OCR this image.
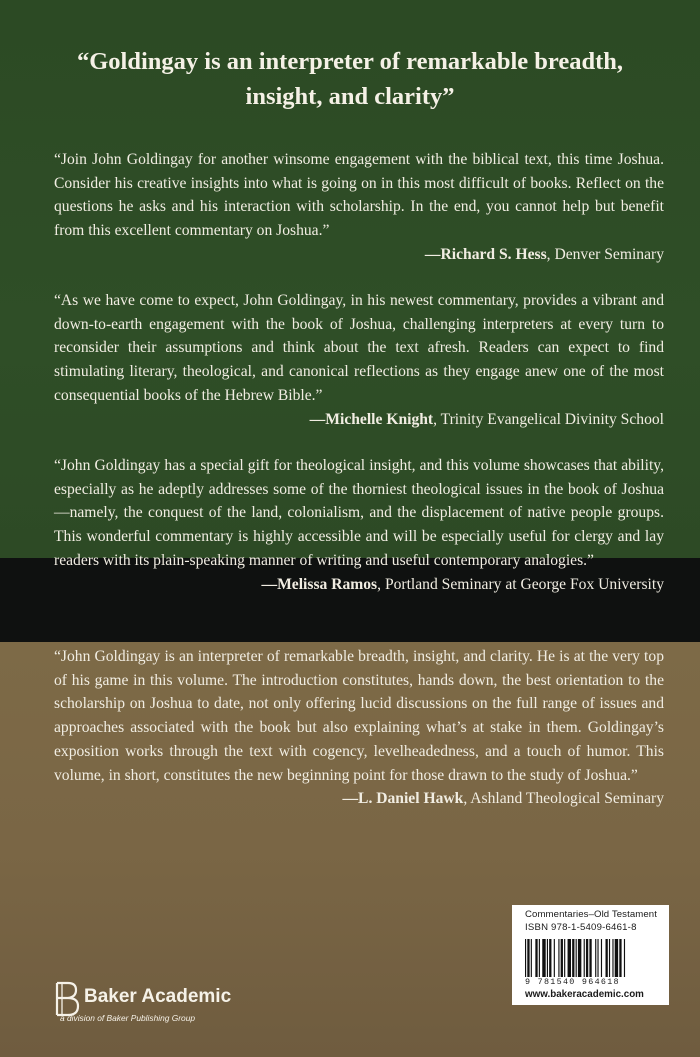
“Goldingay is an interpreter of remarkable breadth,
insight, and clarity”

“Join John Goldingay for another winsome engagement with the biblical text, this time Joshua. Consider his creative insights into what is going on in this most difficult of books. Reflect on the questions he asks and his interaction with scholarship. In the end, you cannot help but benefit from this excellent commentary on Joshua.”

—Richard S. Hess, Denver Seminary

“As we have come to expect, John Goldingay, in his newest commentary, provides a vibrant and down-to-earth engagement with the book of Joshua, challenging interpreters at every turn to reconsider their assumptions and think about the text afresh. Readers can expect to find stimulating literary, theological, and canonical reflections as they engage anew one of the most consequential books of the Hebrew Bible.”

—Michelle Knight, Trinity Evangelical Divinity School

“John Goldingay has a special gift for theological insight, and this volume showcases that ability, especially as he adeptly addresses some of the thorniest theological issues in the book of Joshua—namely, the conquest of the land, colonialism, and the displacement of native people groups. This wonderful commentary is highly accessible and will be especially useful for clergy and lay readers with its plain-speaking manner of writing and useful contemporary analogies.”

—Melissa Ramos, Portland Seminary at George Fox University

“John Goldingay is an interpreter of remarkable breadth, insight, and clarity. He is at the very top of his game in this volume. The introduction constitutes, hands down, the best orientation to the scholarship on Joshua to date, not only offering lucid discussions on the full range of issues and approaches associated with the book but also explaining what’s at stake in them. Goldingay’s exposition works through the text with cogency, levelheadedness, and a touch of humor. This volume, in short, constitutes the new beginning point for those drawn to the study of Joshua.”

—L. Daniel Hawk, Ashland Theological Seminary

Commentaries–Old Testament
ISBN 978-1-5409-6461-8
9 781540 964618
www.bakeracademic.com
Baker Academic
a division of Baker Publishing Group
